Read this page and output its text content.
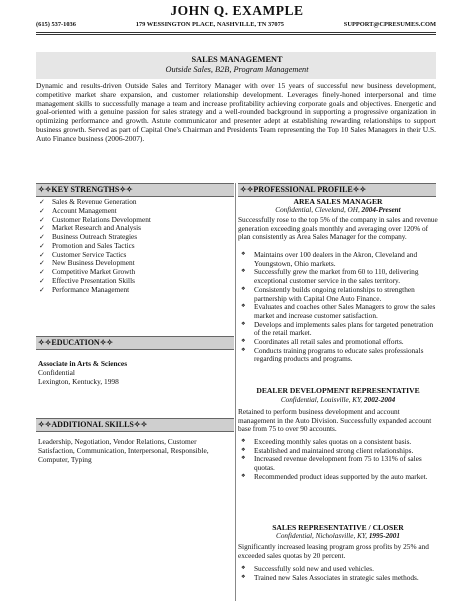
JOHN Q. EXAMPLE
(615) 537-1036	179 WESSINGTON PLACE, NASHVILLE, TN 37075	SUPPORT@CPRESUMES.COM
SALES MANAGEMENT
Outside Sales, B2B, Program Management
Dynamic and results-driven Outside Sales and Territory Manager with over 15 years of successful new business development, competitive market share expansion, and customer relationship development. Leverages finely-honed interpersonal and time management skills to successfully manage a team and increase profitability achieving corporate goals and objectives. Energetic and goal-oriented with a genuine passion for sales strategy and a well-rounded background in supporting a progressive organization in optimizing performance and growth. Astute communicator and presenter adept at establishing rewarding relationships to support business growth. Served as part of Capital One's Chairman and Presidents Team representing the Top 10 Sales Managers in their U.S. Auto Finance business (2006-2007).
✧✧KEY STRENGTHS✧✧	✧✧PROFESSIONAL PROFILE✧✧
✧✧EDUCATION✧✧
✧✧ADDITIONAL SKILLS✧✧
✓ Sales & Revenue Generation
✓ Account Management
✓ Customer Relations Development
✓ Market Research and Analysis
✓ Business Outreach Strategies
✓ Promotion and Sales Tactics
✓ Customer Service Tactics
✓ New Business Development
✓ Competitive Market Growth
✓ Effective Presentation Skills
✓ Performance Management
Associate in Arts & Sciences
Confidential
Lexington, Kentucky, 1998
Leadership, Negotiation, Vendor Relations, Customer Satisfaction, Communication, Interpersonal, Responsible, Computer, Typing
AREA SALES MANAGER
Confidential, Cleveland, OH, 2004-Present
Successfully rose to the top 5% of the company in sales and revenue generation exceeding goals monthly and averaging over 120% of plan consistently as Area Sales Manager for the company.
❖ Maintains over 100 dealers in the Akron, Cleveland and Youngstown, Ohio markets.
❖ Successfully grew the market from 60 to 110, delivering exceptional customer service in the sales territory.
❖ Consistently builds ongoing relationships to strengthen partnership with Capital One Auto Finance.
❖ Evaluates and coaches other Sales Managers to grow the sales market and increase customer satisfaction.
❖ Develops and implements sales plans for targeted penetration of the retail market.
❖ Coordinates all retail sales and promotional efforts.
❖ Conducts training programs to educate sales professionals regarding products and programs.
DEALER DEVELOPMENT REPRESENTATIVE
Confidential, Louisville, KY, 2002-2004
Retained to perform business development and account management in the Auto Division. Successfully expanded account base from 75 to over 90 accounts.
❖ Exceeding monthly sales quotas on a consistent basis.
❖ Established and maintained strong client relationships.
❖ Increased revenue development from 75 to 131% of sales quotas.
❖ Recommended product ideas supported by the auto market.
SALES REPRESENTATIVE / CLOSER
Confidential, Nicholasville, KY, 1995-2001
Significantly increased leasing program gross profits by 25% and exceeded sales quotas by 20 percent.
❖ Successfully sold new and used vehicles.
❖ Trained new Sales Associates in strategic sales methods.
